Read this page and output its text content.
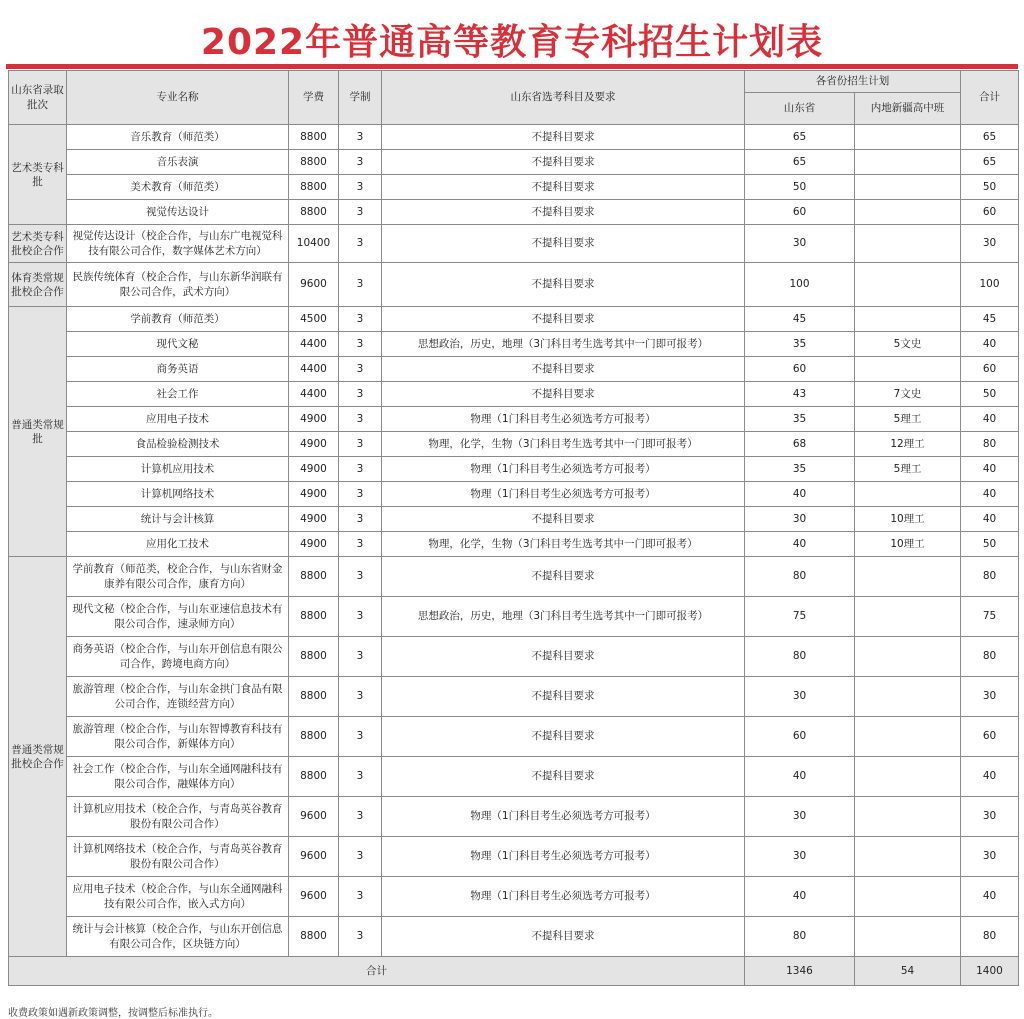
2022年普通高等教育专科招生计划表
山东省录取批次	专业名称	学费	学制	山东省选考科目及要求	各省份招生计划		合计
					山东省	内地新疆高中班	
艺术类专科批	音乐教育（师范类）	8800	3	不提科目要求	65		65
	音乐表演	8800	3	不提科目要求	65		65
	美术教育（师范类）	8800	3	不提科目要求	50		50
	视觉传达设计	8800	3	不提科目要求	60		60
艺术类专科批校企合作	视觉传达设计（校企合作，与山东广电视觉科技有限公司合作，数字媒体艺术方向）	10400	3	不提科目要求	30		30
体育类常规批校企合作	民族传统体育（校企合作，与山东新华润联有限公司合作，武术方向）	9600	3	不提科目要求	100		100
普通类常规批	学前教育（师范类）	4500	3	不提科目要求	45		45
	现代文秘	4400	3	思想政治，历史，地理（3门科目考生选考其中一门即可报考）	35	5文史	40
	商务英语	4400	3	不提科目要求	60		60
	社会工作	4400	3	不提科目要求	43	7文史	50
	应用电子技术	4900	3	物理（1门科目考生必须选考方可报考）	35	5理工	40
	食品检验检测技术	4900	3	物理，化学，生物（3门科目考生选考其中一门即可报考）	68	12理工	80
	计算机应用技术	4900	3	物理（1门科目考生必须选考方可报考）	35	5理工	40
	计算机网络技术	4900	3	物理（1门科目考生必须选考方可报考）	40		40
	统计与会计核算	4900	3	不提科目要求	30	10理工	40
	应用化工技术	4900	3	物理，化学，生物（3门科目考生选考其中一门即可报考）	40	10理工	50
普通类常规批校企合作	学前教育（师范类，校企合作，与山东省财金康养有限公司合作，康育方向）	8800	3	不提科目要求	80		80
	现代文秘（校企合作，与山东亚速信息技术有限公司合作，速录师方向）	8800	3	思想政治，历史，地理（3门科目考生选考其中一门即可报考）	75		75
	商务英语（校企合作，与山东开创信息有限公司合作，跨境电商方向）	8800	3	不提科目要求	80		80
	旅游管理（校企合作，与山东金拱门食品有限公司合作，连锁经营方向）	8800	3	不提科目要求	30		30
	旅游管理（校企合作，与山东智博教育科技有限公司合作，新媒体方向）	8800	3	不提科目要求	60		60
	社会工作（校企合作，与山东全通网融科技有限公司合作，融媒体方向）	8800	3	不提科目要求	40		40
	计算机应用技术（校企合作，与青岛英谷教育股份有限公司合作）	9600	3	物理（1门科目考生必须选考方可报考）	30		30
	计算机网络技术（校企合作，与青岛英谷教育股份有限公司合作）	9600	3	物理（1门科目考生必须选考方可报考）	30		30
	应用电子技术（校企合作，与山东全通网融科技有限公司合作，嵌入式方向）	9600	3	物理（1门科目考生必须选考方可报考）	40		40
	统计与会计核算（校企合作，与山东开创信息有限公司合作，区块链方向）	8800	3	不提科目要求	80		80
合计					1346	54	1400
收费政策如遇新政策调整，按调整后标准执行。
